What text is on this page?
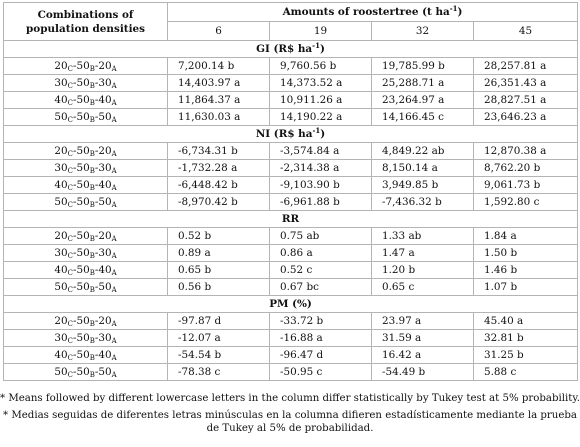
Combinations of
population densities	Amounts of roostertree (t $ha^{-1}$)			
	6	19	32	45
GI (R$ $ha^{-1}$)				
$20_C-50_B-20_A$	7,200.14 b	9,760.56 b	19,785.99 b	28,257.81 a
$30_C-50_B-30_A$	14,403.97 a	14,373.52 a	25,288.71 a	26,351.43 a
$40_C-50_B-40_A$	11,864.37 a	10,911.26 a	23,264.97 a	28,827.51 a
$50_C-50_B-50_A$	11,630.03 a	14,190.22 a	14,166.45 c	23,646.23 a
NI (R$ $ha^{-1}$)				
$20_C-50_B-20_A$	-6,734.31 b	-3,574.84 a	4,849.22 ab	12,870.38 a
$30_C-50_B-30_A$	-1,732.28 a	-2,314.38 a	8,150.14 a	8,762.20 b
$40_C-50_B-40_A$	-6,448.42 b	-9,103.90 b	3,949.85 b	9,061.73 b
$50_C-50_B-50_A$	-8,970.42 b	-6,961.88 b	-7,436.32 b	1,592.80 c
RR				
$20_C-50_B-20_A$	0.52 b	0.75 ab	1.33 ab	1.84 a
$30_C-50_B-30_A$	0.89 a	0.86 a	1.47 a	1.50 b
$40_C-50_B-40_A$	0.65 b	0.52 c	1.20 b	1.46 b
$50_C-50_B-50_A$	0.56 b	0.67 bc	0.65 c	1.07 b
PM (%)				
$20_C-50_B-20_A$	-97.87 d	-33.72 b	23.97 a	45.40 a
$30_C-50_B-30_A$	-12.07 a	-16.88 a	31.59 a	32.81 b
$40_C-50_B-40_A$	-54.54 b	-96.47 d	16.42 a	31.25 b
$50_C-50_B-50_A$	-78.38 c	-50.95 c	-54.49 b	5.88 c

* Means followed by different lowercase letters in the column differ statistically by Tukey test at 5% probability.

* Medias seguidas de diferentes letras minúsculas en la columna difieren estadísticamente mediante la prueba de Tukey al 5% de probabilidad.
